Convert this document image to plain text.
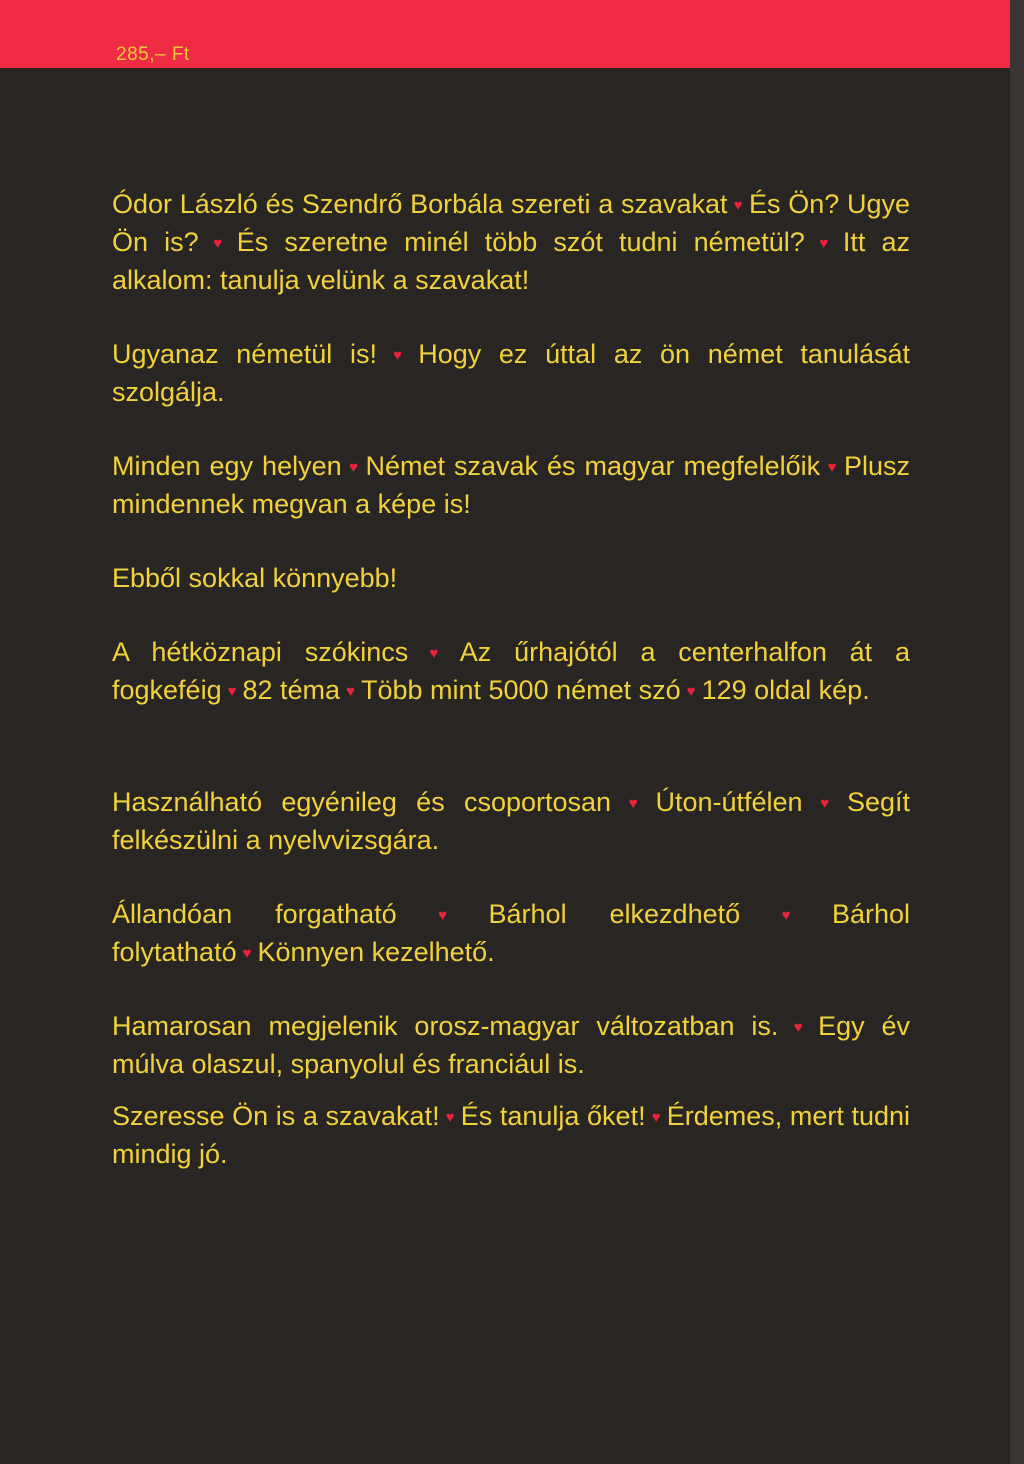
285,– Ft

Ódor László és Szendrő Borbála szereti a szavakat ♥ És Ön? Ugye Ön is? ♥ És szeretne minél több szót tudni németül? ♥ Itt az alkalom: tanulja velünk a szavakat!

Ugyanaz németül is! ♥ Hogy ez úttal az ön német tanulását szolgálja.

Minden egy helyen ♥ Német szavak és magyar megfelelőik ♥ Plusz mindennek megvan a képe is!

Ebből sokkal könnyebb!

A hétköznapi szókincs ♥ Az űrhajótól a centerhalfon át a fogkeféig ♥ 82 téma ♥ Több mint 5000 német szó ♥ 129 oldal kép.

Használható egyénileg és csoportosan ♥ Úton-útfélen ♥ Segít felkészülni a nyelvvizsgára.

Állandóan forgatható ♥ Bárhol elkezdhető ♥ Bárhol folytatható ♥ Könnyen kezelhető.

Hamarosan megjelenik orosz-magyar változatban is. ♥ Egy év múlva olaszul, spanyolul és franciául is.

Szeresse Ön is a szavakat! ♥ És tanulja őket! ♥ Érdemes, mert tudni mindig jó.
